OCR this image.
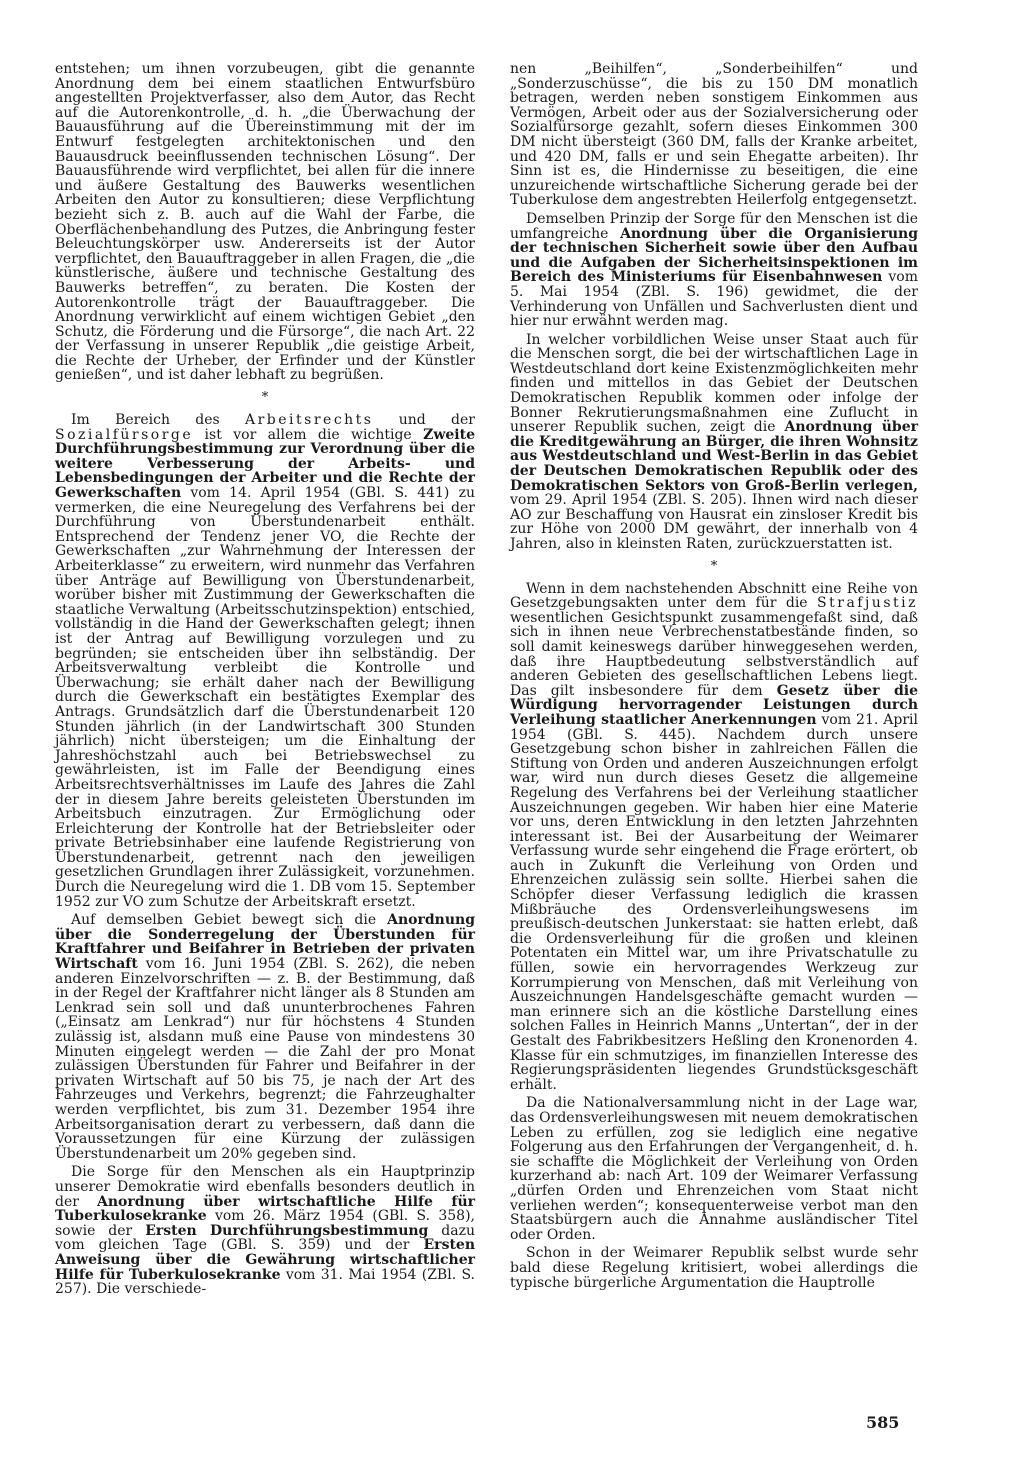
entstehen; um ihnen vorzubeugen, gibt die genannte Anordnung dem bei einem staatlichen Entwurfsbüro angestellten Projektverfasser, also dem Autor, das Recht auf die Autorenkontrolle, d. h. „die Überwachung der Bauausführung auf die Übereinstimmung mit der im Entwurf festgelegten architektonischen und den Bauausdruck beeinflussenden technischen Lösung“. Der Bauausführende wird verpflichtet, bei allen für die innere und äußere Gestaltung des Bauwerks wesentlichen Arbeiten den Autor zu konsultieren; diese Verpflichtung bezieht sich z. B. auch auf die Wahl der Farbe, die Oberflächenbehandlung des Putzes, die Anbringung fester Beleuchtungskörper usw. Andererseits ist der Autor verpflichtet, den Bauauftraggeber in allen Fragen, die „die künstlerische, äußere und technische Gestaltung des Bauwerks betreffen“, zu beraten. Die Kosten der Autorenkontrolle trägt der Bauauftraggeber. Die Anordnung verwirklicht auf einem wichtigen Gebiet „den Schutz, die Förderung und die Fürsorge“, die nach Art. 22 der Verfassung in unserer Republik „die geistige Arbeit, die Rechte der Urheber, der Erfinder und der Künstler genießen“, und ist daher lebhaft zu begrüßen.

*

Im Bereich des Arbeitsrechts und der Sozialfürsorge ist vor allem die wichtige Zweite Durchführungsbestimmung zur Verordnung über die weitere Verbesserung der Arbeits- und Lebensbedingungen der Arbeiter und die Rechte der Gewerkschaften vom 14. April 1954 (GBl. S. 441) zu vermerken, die eine Neuregelung des Verfahrens bei der Durchführung von Überstundenarbeit enthält. Entsprechend der Tendenz jener VO, die Rechte der Gewerkschaften „zur Wahrnehmung der Interessen der Arbeiterklasse“ zu erweitern, wird nunmehr das Verfahren über Anträge auf Bewilligung von Überstundenarbeit, worüber bisher mit Zustimmung der Gewerkschaften die staatliche Verwaltung (Arbeitsschutzinspektion) entschied, vollständig in die Hand der Gewerkschaften gelegt; ihnen ist der Antrag auf Bewilligung vorzulegen und zu begründen; sie entscheiden über ihn selbständig. Der Arbeitsverwaltung verbleibt die Kontrolle und Überwachung; sie erhält daher nach der Bewilligung durch die Gewerkschaft ein bestätigtes Exemplar des Antrags. Grundsätzlich darf die Überstundenarbeit 120 Stunden jährlich (in der Landwirtschaft 300 Stunden jährlich) nicht übersteigen; um die Einhaltung der Jahreshöchstzahl auch bei Betriebswechsel zu gewährleisten, ist im Falle der Beendigung eines Arbeitsrechtsverhältnisses im Laufe des Jahres die Zahl der in diesem Jahre bereits geleisteten Überstunden im Arbeitsbuch einzutragen. Zur Ermöglichung oder Erleichterung der Kontrolle hat der Betriebsleiter oder private Betriebsinhaber eine laufende Registrierung von Überstundenarbeit, getrennt nach den jeweiligen gesetzlichen Grundlagen ihrer Zulässigkeit, vorzunehmen. Durch die Neuregelung wird die 1. DB vom 15. September 1952 zur VO zum Schutze der Arbeitskraft ersetzt.

Auf demselben Gebiet bewegt sich die Anordnung über die Sonderregelung der Überstunden für Kraftfahrer und Beifahrer in Betrieben der privaten Wirtschaft vom 16. Juni 1954 (ZBl. S. 262), die neben anderen Einzelvorschriften — z. B. der Bestimmung, daß in der Regel der Kraftfahrer nicht länger als 8 Stunden am Lenkrad sein soll und daß ununterbrochenes Fahren („Einsatz am Lenkrad“) nur für höchstens 4 Stunden zulässig ist, alsdann muß eine Pause von mindestens 30 Minuten eingelegt werden — die Zahl der pro Monat zulässigen Überstunden für Fahrer und Beifahrer in der privaten Wirtschaft auf 50 bis 75, je nach der Art des Fahrzeuges und Verkehrs, begrenzt; die Fahrzeughalter werden verpflichtet, bis zum 31. Dezember 1954 ihre Arbeitsorganisation derart zu verbessern, daß dann die Voraussetzungen für eine Kürzung der zulässigen Überstundenarbeit um 20% gegeben sind.

Die Sorge für den Menschen als ein Hauptprinzip unserer Demokratie wird ebenfalls besonders deutlich in der Anordnung über wirtschaftliche Hilfe für Tuberkulosekranke vom 26. März 1954 (GBl. S. 358), sowie der Ersten Durchführungsbestimmung dazu vom gleichen Tage (GBl. S. 359) und der Ersten Anweisung über die Gewährung wirtschaftlicher Hilfe für Tuberkulosekranke vom 31. Mai 1954 (ZBl. S. 257). Die verschiede-

nen „Beihilfen“, „Sonderbeihilfen“ und „Sonderzuschüsse“, die bis zu 150 DM monatlich betragen, werden neben sonstigem Einkommen aus Vermögen, Arbeit oder aus der Sozialversicherung oder Sozialfürsorge gezahlt, sofern dieses Einkommen 300 DM nicht übersteigt (360 DM, falls der Kranke arbeitet, und 420 DM, falls er und sein Ehegatte arbeiten). Ihr Sinn ist es, die Hindernisse zu beseitigen, die eine unzureichende wirtschaftliche Sicherung gerade bei der Tuberkulose dem angestrebten Heilerfolg entgegensetzt.

Demselben Prinzip der Sorge für den Menschen ist die umfangreiche Anordnung über die Organisierung der technischen Sicherheit sowie über den Aufbau und die Aufgaben der Sicherheitsinspektionen im Bereich des Ministeriums für Eisenbahnwesen vom 5. Mai 1954 (ZBl. S. 196) gewidmet, die der Verhinderung von Unfällen und Sachverlusten dient und hier nur erwähnt werden mag.

In welcher vorbildlichen Weise unser Staat auch für die Menschen sorgt, die bei der wirtschaftlichen Lage in Westdeutschland dort keine Existenzmöglichkeiten mehr finden und mittellos in das Gebiet der Deutschen Demokratischen Republik kommen oder infolge der Bonner Rekrutierungsmaßnahmen eine Zuflucht in unserer Republik suchen, zeigt die Anordnung über die Kreditgewährung an Bürger, die ihren Wohnsitz aus Westdeutschland und West-Berlin in das Gebiet der Deutschen Demokratischen Republik oder des Demokratischen Sektors von Groß-Berlin verlegen, vom 29. April 1954 (ZBl. S. 205). Ihnen wird nach dieser AO zur Beschaffung von Hausrat ein zinsloser Kredit bis zur Höhe von 2000 DM gewährt, der innerhalb von 4 Jahren, also in kleinsten Raten, zurückzuerstatten ist.

*

Wenn in dem nachstehenden Abschnitt eine Reihe von Gesetzgebungsakten unter dem für die Strafjustiz wesentlichen Gesichtspunkt zusammengefaßt sind, daß sich in ihnen neue Verbrechenstatbestände finden, so soll damit keineswegs darüber hinweggesehen werden, daß ihre Hauptbedeutung selbstverständlich auf anderen Gebieten des gesellschaftlichen Lebens liegt. Das gilt insbesondere für dem Gesetz über die Würdigung hervorragender Leistungen durch Verleihung staatlicher Anerkennungen vom 21. April 1954 (GBl. S. 445). Nachdem durch unsere Gesetzgebung schon bisher in zahlreichen Fällen die Stiftung von Orden und anderen Auszeichnungen erfolgt war, wird nun durch dieses Gesetz die allgemeine Regelung des Verfahrens bei der Verleihung staatlicher Auszeichnungen gegeben. Wir haben hier eine Materie vor uns, deren Entwicklung in den letzten Jahrzehnten interessant ist. Bei der Ausarbeitung der Weimarer Verfassung wurde sehr eingehend die Frage erörtert, ob auch in Zukunft die Verleihung von Orden und Ehrenzeichen zulässig sein sollte. Hierbei sahen die Schöpfer dieser Verfassung lediglich die krassen Mißbräuche des Ordensverleihungswesens im preußisch-deutschen Junkerstaat: sie hatten erlebt, daß die Ordensverleihung für die großen und kleinen Potentaten ein Mittel war, um ihre Privatschatulle zu füllen, sowie ein hervorragendes Werkzeug zur Korrumpierung von Menschen, daß mit Verleihung von Auszeichnungen Handelsgeschäfte gemacht wurden — man erinnere sich an die köstliche Darstellung eines solchen Falles in Heinrich Manns „Untertan“, der in der Gestalt des Fabrikbesitzers Heßling den Kronenorden 4. Klasse für ein schmutziges, im finanziellen Interesse des Regierungspräsidenten liegendes Grundstücksgeschäft erhält.

Da die Nationalversammlung nicht in der Lage war, das Ordensverleihungswesen mit neuem demokratischen Leben zu erfüllen, zog sie lediglich eine negative Folgerung aus den Erfahrungen der Vergangenheit, d. h. sie schaffte die Möglichkeit der Verleihung von Orden kurzerhand ab: nach Art. 109 der Weimarer Verfassung „dürfen Orden und Ehrenzeichen vom Staat nicht verliehen werden“; konsequenterweise verbot man den Staatsbürgern auch die Annahme ausländischer Titel oder Orden.

Schon in der Weimarer Republik selbst wurde sehr bald diese Regelung kritisiert, wobei allerdings die typische bürgerliche Argumentation die Hauptrolle

585
